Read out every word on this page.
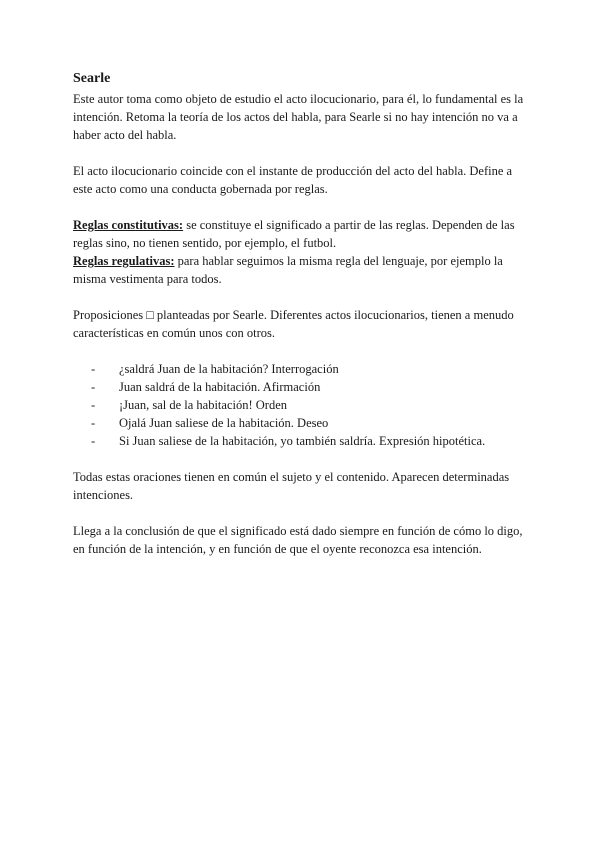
Searle

Este autor toma como objeto de estudio el acto ilocucionario, para él, lo fundamental es la intención. Retoma la teoría de los actos del habla, para Searle si no hay intención no va a haber acto del habla.

El acto ilocucionario coincide con el instante de producción del acto del habla. Define a este acto como una conducta gobernada por reglas.

Reglas constitutivas: se constituye el significado a partir de las reglas. Dependen de las reglas sino, no tienen sentido, por ejemplo, el futbol.

Reglas regulativas: para hablar seguimos la misma regla del lenguaje, por ejemplo la misma vestimenta para todos.

Proposiciones □ planteadas por Searle. Diferentes actos ilocucionarios, tienen a menudo características en común unos con otros.

- ¿saldrá Juan de la habitación? Interrogación
- Juan saldrá de la habitación. Afirmación
- ¡Juan, sal de la habitación! Orden
- Ojalá Juan saliese de la habitación. Deseo
- Si Juan saliese de la habitación, yo también saldría. Expresión hipotética.

Todas estas oraciones tienen en común el sujeto y el contenido. Aparecen determinadas intenciones.

Llega a la conclusión de que el significado está dado siempre en función de cómo lo digo, en función de la intención, y en función de que el oyente reconozca esa intención.
